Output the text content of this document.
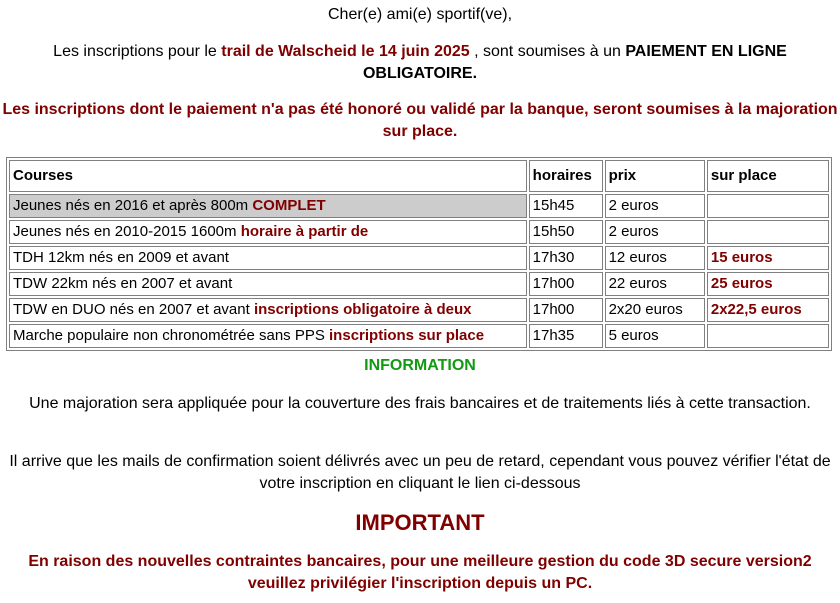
Cher(e) ami(e) sportif(ve),
Les inscriptions pour le trail de Walscheid le 14 juin 2025 , sont soumises à un PAIEMENT EN LIGNE OBLIGATOIRE.
Les inscriptions dont le paiement n'a pas été honoré ou validé par la banque, seront soumises à la majoration sur place.
Courses	horaires	prix	sur place
Jeunes nés en 2016 et après 800m COMPLET	15h45	2 euros	
Jeunes nés en 2010-2015 1600m horaire à partir de	15h50	2 euros	
TDH 12km nés en 2009 et avant	17h30	12 euros	15 euros
TDW 22km nés en 2007 et avant	17h00	22 euros	25 euros
TDW en DUO nés en 2007 et avant inscriptions obligatoire à deux	17h00	2x20 euros	2x22,5 euros
Marche populaire non chronométrée sans PPS inscriptions sur place	17h35	5 euros	
INFORMATION
Une majoration sera appliquée pour la couverture des frais bancaires et de traitements liés à cette transaction.
Il arrive que les mails de confirmation soient délivrés avec un peu de retard, cependant vous pouvez vérifier l'état de votre inscription en cliquant le lien ci-dessous
IMPORTANT
En raison des nouvelles contraintes bancaires, pour une meilleure gestion du code 3D secure version2 veuillez privilégier l'inscription depuis un PC.
